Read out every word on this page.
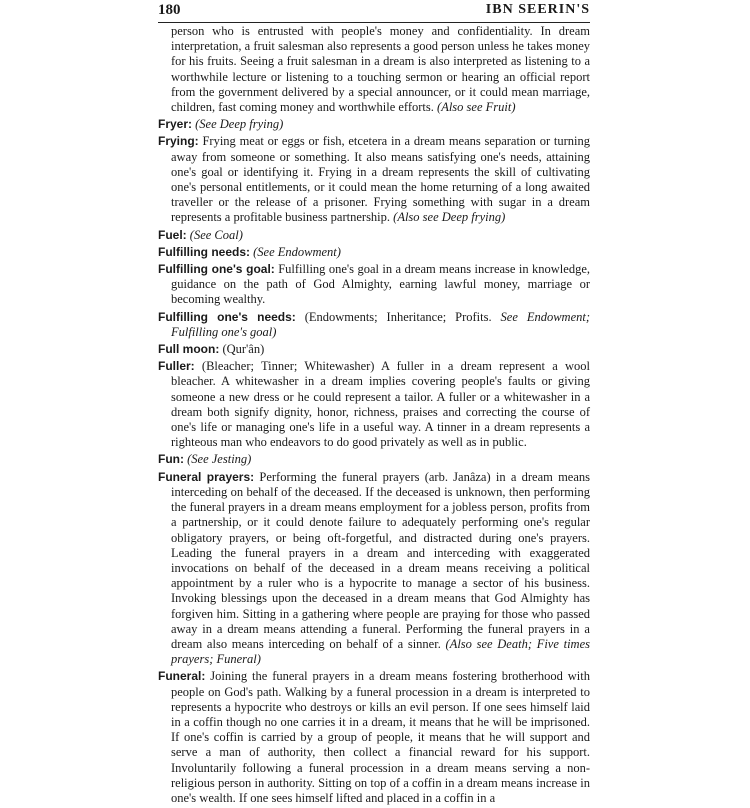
180	IBN SEERIN'S

person who is entrusted with people's money and confidentiality. In dream interpretation, a fruit salesman also represents a good person unless he takes money for his fruits. Seeing a fruit salesman in a dream is also interpreted as listening to a worthwhile lecture or listening to a touching sermon or hearing an official report from the government delivered by a special announcer, or it could mean marriage, children, fast coming money and worthwhile efforts. (Also see Fruit)

Fryer: (See Deep frying)

Frying: Frying meat or eggs or fish, etcetera in a dream means separation or turning away from someone or something. It also means satisfying one's needs, attaining one's goal or identifying it. Frying in a dream represents the skill of cultivating one's personal entitlements, or it could mean the home returning of a long awaited traveller or the release of a prisoner. Frying something with sugar in a dream represents a profitable business partnership. (Also see Deep frying)

Fuel: (See Coal)

Fulfilling needs: (See Endowment)

Fulfilling one's goal: Fulfilling one's goal in a dream means increase in knowledge, guidance on the path of God Almighty, earning lawful money, marriage or becoming wealthy.

Fulfilling one's needs: (Endowments; Inheritance; Profits. See Endowment; Fulfilling one's goal)

Full moon: (Qur'ân)

Fuller: (Bleacher; Tinner; Whitewasher) A fuller in a dream represent a wool bleacher. A whitewasher in a dream implies covering people's faults or giving someone a new dress or he could represent a tailor. A fuller or a whitewasher in a dream both signify dignity, honor, richness, praises and correcting the course of one's life or managing one's life in a useful way. A tinner in a dream represents a righteous man who endeavors to do good privately as well as in public.

Fun: (See Jesting)

Funeral prayers: Performing the funeral prayers (arb. Janâza) in a dream means interceding on behalf of the deceased. If the deceased is unknown, then performing the funeral prayers in a dream means employment for a jobless person, profits from a partnership, or it could denote failure to adequately performing one's regular obligatory prayers, or being oft-forgetful, and distracted during one's prayers. Leading the funeral prayers in a dream and interceding with exaggerated invocations on behalf of the deceased in a dream means receiving a political appointment by a ruler who is a hypocrite to manage a sector of his business. Invoking blessings upon the deceased in a dream means that God Almighty has forgiven him. Sitting in a gathering where people are praying for those who passed away in a dream means attending a funeral. Performing the funeral prayers in a dream also means interceding on behalf of a sinner. (Also see Death; Five times prayers; Funeral)

Funeral: Joining the funeral prayers in a dream means fostering brotherhood with people on God's path. Walking by a funeral procession in a dream is interpreted to represents a hypocrite who destroys or kills an evil person. If one sees himself laid in a coffin though no one carries it in a dream, it means that he will be imprisoned. If one's coffin is carried by a group of people, it means that he will support and serve a man of authority, then collect a financial reward for his support. Involuntarily following a funeral procession in a dream means serving a non-religious person in authority. Sitting on top of a coffin in a dream means increase in one's wealth. If one sees himself lifted and placed in a coffin in a
